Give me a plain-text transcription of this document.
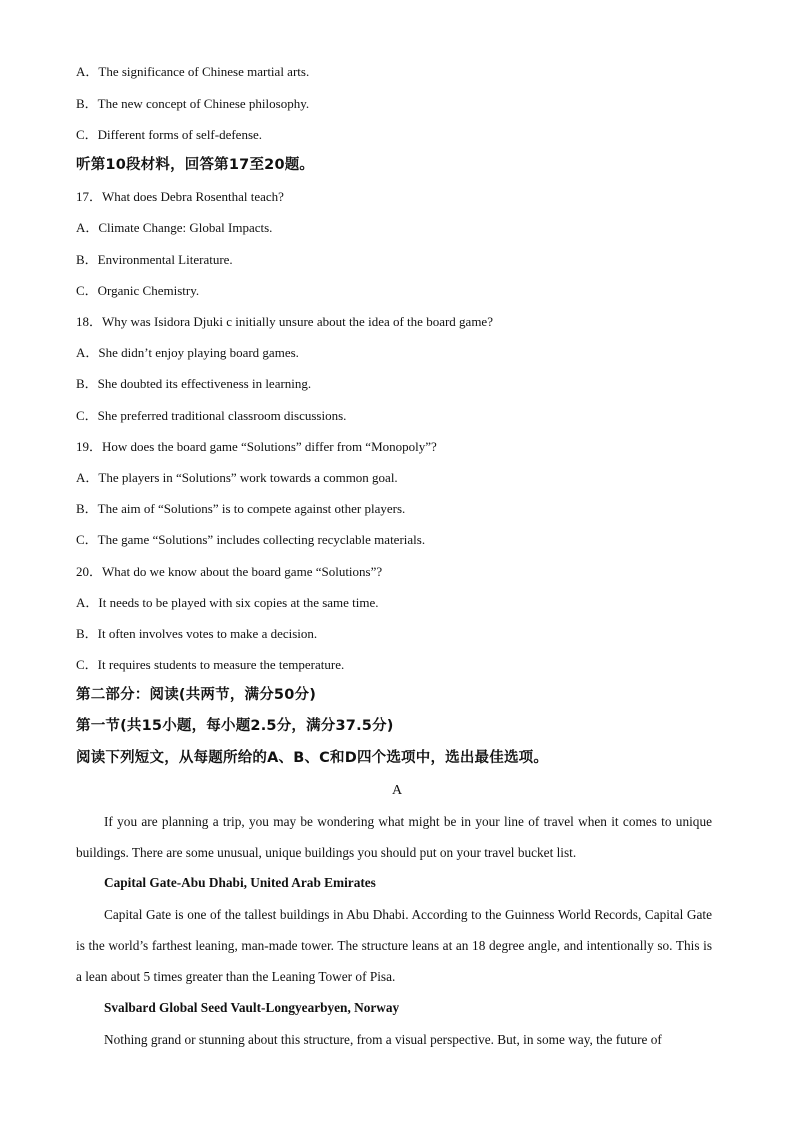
A．The significance of Chinese martial arts.
B．The new concept of Chinese philosophy.
C．Different forms of self-defense.
听第10段材料，回答第17至20题。
17．What does Debra Rosenthal teach?
A．Climate Change: Global Impacts.
B．Environmental Literature.
C．Organic Chemistry.
18．Why was Isidora Djuki c initially unsure about the idea of the board game?
A．She didn’t enjoy playing board games.
B．She doubted its effectiveness in learning.
C．She preferred traditional classroom discussions.
19．How does the board game “Solutions” differ from “Monopoly”?
A．The players in “Solutions” work towards a common goal.
B．The aim of “Solutions” is to compete against other players.
C．The game “Solutions” includes collecting recyclable materials.
20．What do we know about the board game “Solutions”?
A．It needs to be played with six copies at the same time.
B．It often involves votes to make a decision.
C．It requires students to measure the temperature.
第二部分：阅读(共两节，满分50分)
第一节(共15小题，每小题2.5分，满分37.5分)
阅读下列短文，从每题所给的A、B、C和D四个选项中，选出最佳选项。
A
If you are planning a trip, you may be wondering what might be in your line of travel when it comes to unique buildings. There are some unusual, unique buildings you should put on your travel bucket list.
Capital Gate-Abu Dhabi, United Arab Emirates
Capital Gate is one of the tallest buildings in Abu Dhabi. According to the Guinness World Records, Capital Gate is the world’s farthest leaning, man-made tower. The structure leans at an 18 degree angle, and intentionally so. This is a lean about 5 times greater than the Leaning Tower of Pisa.
Svalbard Global Seed Vault-Longyearbyen, Norway
Nothing grand or stunning about this structure, from a visual perspective. But, in some way, the future of
